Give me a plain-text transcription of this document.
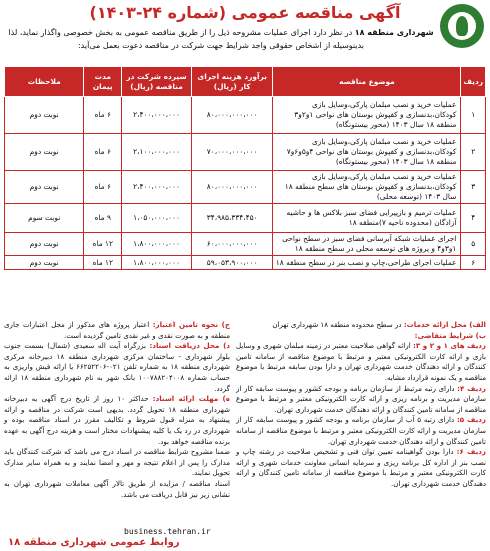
آگهی مناقصه عمومی (شماره ۲۴-۱۴۰۳)
شهرداری منطقه ۱۸ در نظر دارد اجرای عملیات مشروحه ذیل را از طریق مناقصه عمومی به بخش خصوصی واگذار نماید، لذا بدینوسیله از اشخاص حقوقی واجد شرایط جهت شرکت در مناقصه دعوت بعمل می‌آید:
ردیف	موضوع مناقصه	برآورد هزینه اجرای کار (ریال)	سپرده شرکت در مناقصه (ریال)	مدت پیمان	ملاحظات
۱	عملیات خرید و نصب مبلمان پارکی،وسایل بازی کودکان،بدنسازی و کفپوش بوستان های نواحی ۱و۲و۳ منطقه ۱۸ سال ۱۴۰۳ (محور بیستونگاه)	۸۰،۰۰۰،۰۰۰،۰۰۰	۲،۴۰۰،۰۰۰،۰۰۰	۶ ماه	نوبت دوم
۲	عملیات خرید و نصب مبلمان پارکی،وسایل بازی کودکان،بدنسازی و کفپوش بوستان های نواحی ۴و۵و۶و۷ منطقه ۱۸ سال ۱۴۰۳ (محور بیستونگاه)	۷۰،۰۰۰،۰۰۰،۰۰۰	۲،۱۰۰،۰۰۰،۰۰۰	۶ ماه	نوبت دوم
۳	عملیات خرید و نصب مبلمان پارکی،وسایل بازی کودکان،بدنسازی و کفپوش بوستان های سطح منطقه ۱۸ سال ۱۴۰۳ (توسعه محلی)	۸۰،۰۰۰،۰۰۰،۰۰۰	۲،۴۰۰،۰۰۰،۰۰۰	۶ ماه	نوبت دوم
۴	عملیات ترمیم و بازپیرایی فضای سبز بلاکس ها و حاشیه آزادگان (محدوده ناحیه ۷)منطقه ۱۸	۳۴،۹۸۵،۳۳۴،۴۵۰	۱،۰۵۰،۰۰۰،۰۰۰	۹ ماه	نوبت سوم
۵	اجرای عملیات شبکه آبرسانی فضای سبز در سطح نواحی ۱و۳و۴ و پروژه های توسعه محلی در سطح منطقه ۱۸	۶۰،۰۰۰،۰۰۰،۰۰۰	۱،۸۰۰،۰۰۰،۰۰۰	۱۲ ماه	نوبت دوم
۶	عملیات اجرای طراحی،چاپ و نصب بنر در سطح منطقه ۱۸	۵۹،۰۵۳،۹۰۰،۰۰۰	۱،۸۰۰،۰۰۰،۰۰۰	۱۲ ماه	نوبت دوم

الف) محل ارائه خدمات: در سطح محدوده منطقه ۱۸ شهرداری تهران

ب) شرایط متقاضی:

ردیف های ۱ و ۲ و ۳: ارائه گواهی صلاحیت معتبر در زمینه مبلمان شهری و وسایل بازی و ارائه کارت الکترونیکی معتبر و مرتبط با موضوع مناقصه از سامانه تامین کنندگان و ارائه دهندگان خدمت شهرداری تهران و دارا بودن سابقه مرتبط با موضوع مناقصه و یک نمونه قرارداد مشابه.

ردیف ۴: دارای رتبه مرتبط از سازمان برنامه و بودجه کشور و پیوست سابقه کار از سازمان مدیریت و برنامه ریزی و ارائه کارت الکترونیکی معتبر و مرتبط با موضوع مناقصه از سامانه تامین کنندگان و ارائه دهندگان خدمت شهرداری تهران.

ردیف ۵: دارای رتبه ۵ آب از سازمان برنامه و بودجه کشور و پیوست سابقه کار از سازمان مدیریت و ارائه کارت الکترونیکی معتبر و مرتبط با موضوع مناقصه از سامانه تامین کنندگان و ارائه دهندگان خدمت شهرداری تهران.

ردیف ۶: دارا بودن گواهینامه تعیین توان فنی و تشخیص صلاحیت در رشته چاپ و نصب بنر از اداره کل برنامه ریزی و سرمایه انسانی معاونت خدمات شهری و ارائه کارت الکترونیکی معتبر و مرتبط با موضوع مناقصه از سامانه تامین کنندگان و ارائه دهندگان خدمت شهرداری تهران.

ج) نحوه تامین اعتبار: اعتبار پروژه های مذکور از محل اعتبارات جاری منطقه و به صورت نقدی و غیر نقدی تامین گردیده است.

د) محل دریافت اسناد: بزرگراه آیت اله سعیدی (شمال) بسمت جنوب بلوار شهرداری - ساختمان مرکزی شهرداری منطقه ۱۸ دبیرخانه مرکزی شهرداری منطقه ۱۸ به شماره تلفن ۰۲۱-۶۶۲۵۲۲۰۶ یا ارائه فیش واریزی به حساب شماره ۱۰۰۷۸۸۲۰۴۰۰۸ بانک شهر به نام شهرداری منطقه ۱۸ ارائه گردد.

ه) مهلت ارائه اسناد: حداکثر ۱۰ روز از تاریخ درج آگهی به دبیرخانه شهرداری منطقه ۱۸ تحویل گردد. بدیهی است شرکت در مناقصه و ارائه پیشنهاد به منزله قبول شروط و تکالیف مقرر در اسناد مناقصه بوده و شهرداری در رد یک یا کلیه پیشنهادات مختار است و هزینه درج آگهی به عهده برنده مناقصه خواهد بود.

ضمنا مشروح شرایط مناقصه در اسناد درج می باشد که شرکت کنندگان باید مدارک را پس از اعلام نتیجه و مهر و امضا نمایند و به همراه سایر مدارک تحویل نمایند.

اسناد مناقصه / مزایده از طریق تالار آگهی معاملات شهرداری تهران به نشانی زیر نیز قابل دریافت می باشد.

business.tehran.ir
روابط عمومی شهرداری منطقه ۱۸
